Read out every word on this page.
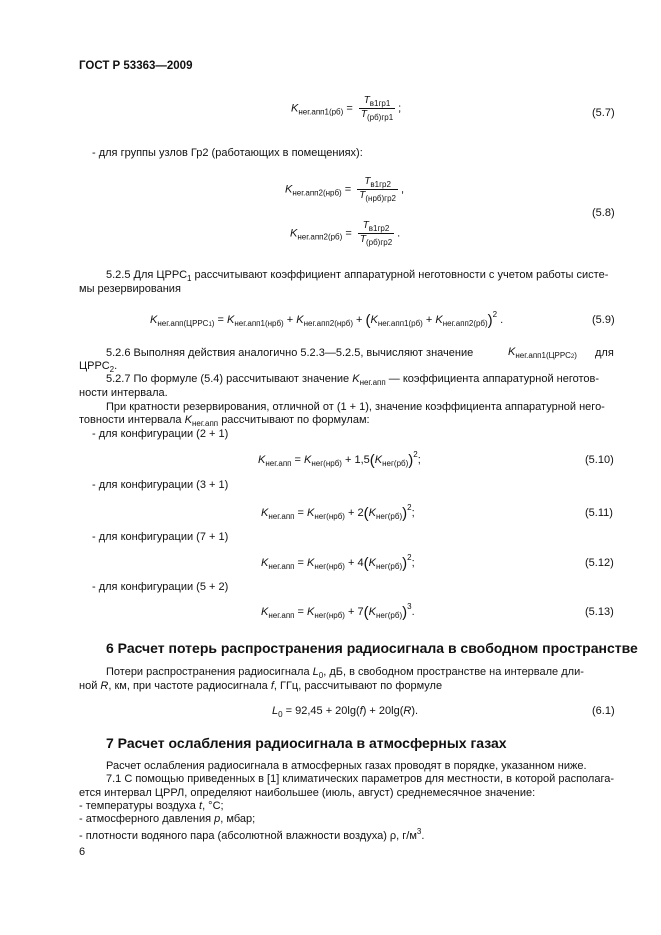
ГОСТ Р 53363—2009
$K_{нег.апп1(рб)} = \frac{T_{в1гр1}}{T_{(рб)гр1}}$ ;	(5.7)
- для группы узлов Гр2 (работающих в помещениях):
$K_{нег.апп2(нрб)} = \frac{T_{в1гр2}}{T_{(нрб)гр2}}$ ,
(5.8)
$K_{нег.апп2(рб)} = \frac{T_{в1гр2}}{T_{(рб)гр2}}$ .
5.2.5 Для $ЦРРС_1$ рассчитывают коэффициент аппаратурной неготовности с учетом работы систе-
мы резервирования
$K_{нег.апп(ЦРРС1)} = K_{нег.апп1(нрб)} + K_{нег.апп2(нрб)} + (K_{нег.апп1(рб)} + K_{нег.апп2(рб)})^2$ .	(5.9)
5.2.6 Выполняя действия аналогично 5.2.3—5.2.5, вычисляют значение	$K_{нег.апп1(ЦРРС2)}$ для
$ЦРРС_2$.
5.2.7 По формуле (5.4) рассчитывают значение $K_{нег.апп}$ — коэффициента аппаратурной неготов-
ности интервала.
При кратности резервирования, отличной от (1 + 1), значение коэффициента аппаратурной него-
товности интервала $K_{нег.апп}$ рассчитывают по формулам:
- для конфигурации (2 + 1)
$K_{нег.апп} = K_{нег(нрб)} + 1,5(K_{нег(рб)})^2$;	(5.10)
- для конфигурации (3 + 1)
$K_{нег.апп} = K_{нег(нрб)} + 2(K_{нег(рб)})^2$;	(5.11)
- для конфигурации (7 + 1)
$K_{нег.апп} = K_{нег(нрб)} + 4(K_{нег(рб)})^2$;	(5.12)
- для конфигурации (5 + 2)
$K_{нег.апп} = K_{нег(нрб)} + 7(K_{нег(рб)})^3$.	(5.13)
6 Расчет потерь распространения радиосигнала в свободном пространстве
Потери распространения радиосигнала $L_0$, дБ, в свободном пространстве на интервале дли-
ной R, км, при частоте радиосигнала f, ГГц, рассчитывают по формуле
$L_0 = 92,45 + 20\lg(f) + 20\lg(R)$.	(6.1)
7 Расчет ослабления радиосигнала в атмосферных газах
Расчет ослабления радиосигнала в атмосферных газах проводят в порядке, указанном ниже.
7.1 С помощью приведенных в [1] климатических параметров для местности, в которой располага-
ется интервал ЦРРЛ, определяют наибольшее (июль, август) среднемесячное значение:
- температуры воздуха t, °С;
- атмосферного давления p, мбар;
- плотности водяного пара (абсолютной влажности воздуха) ρ, $г/м^3$.
6
